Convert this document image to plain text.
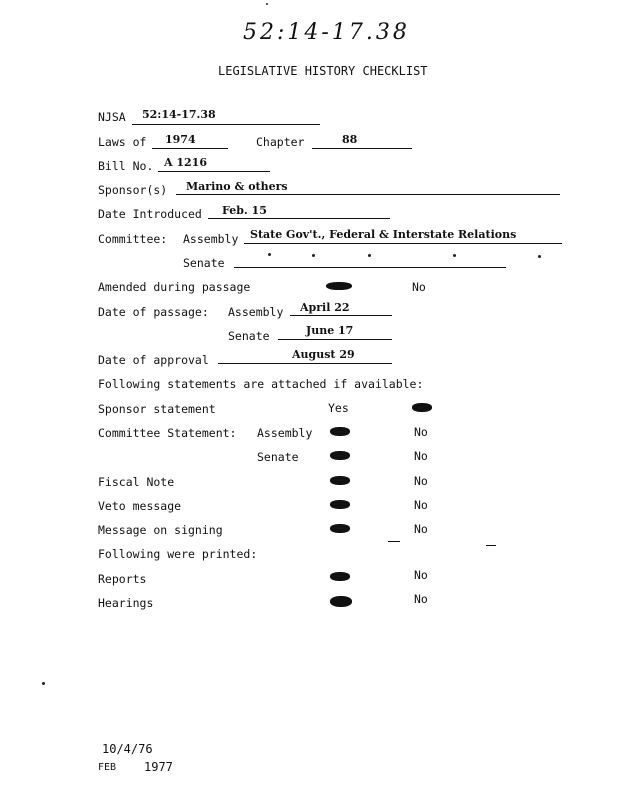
52:14-17.38
LEGISLATIVE HISTORY CHECKLIST
NJSA 52:14-17.38
Laws of 1974	Chapter	88
Bill No. A 1216
Sponsor(s) Marino & others
Date Introduced Feb. 15
Committee: Assembly State Gov't., Federal & Interstate Relations
Senate
Amended during passage	No
Date of passage: Assembly April 22
Senate	June 17
Date of approval	August 29
Following statements are attached if available:
Sponsor statement	Yes
Committee Statement: Assembly	No
Senate	No
Fiscal Note	No
Veto message	No
Message on signing	No
Following were printed:
Reports	No
Hearings	No
10/4/76
FEB 1977
